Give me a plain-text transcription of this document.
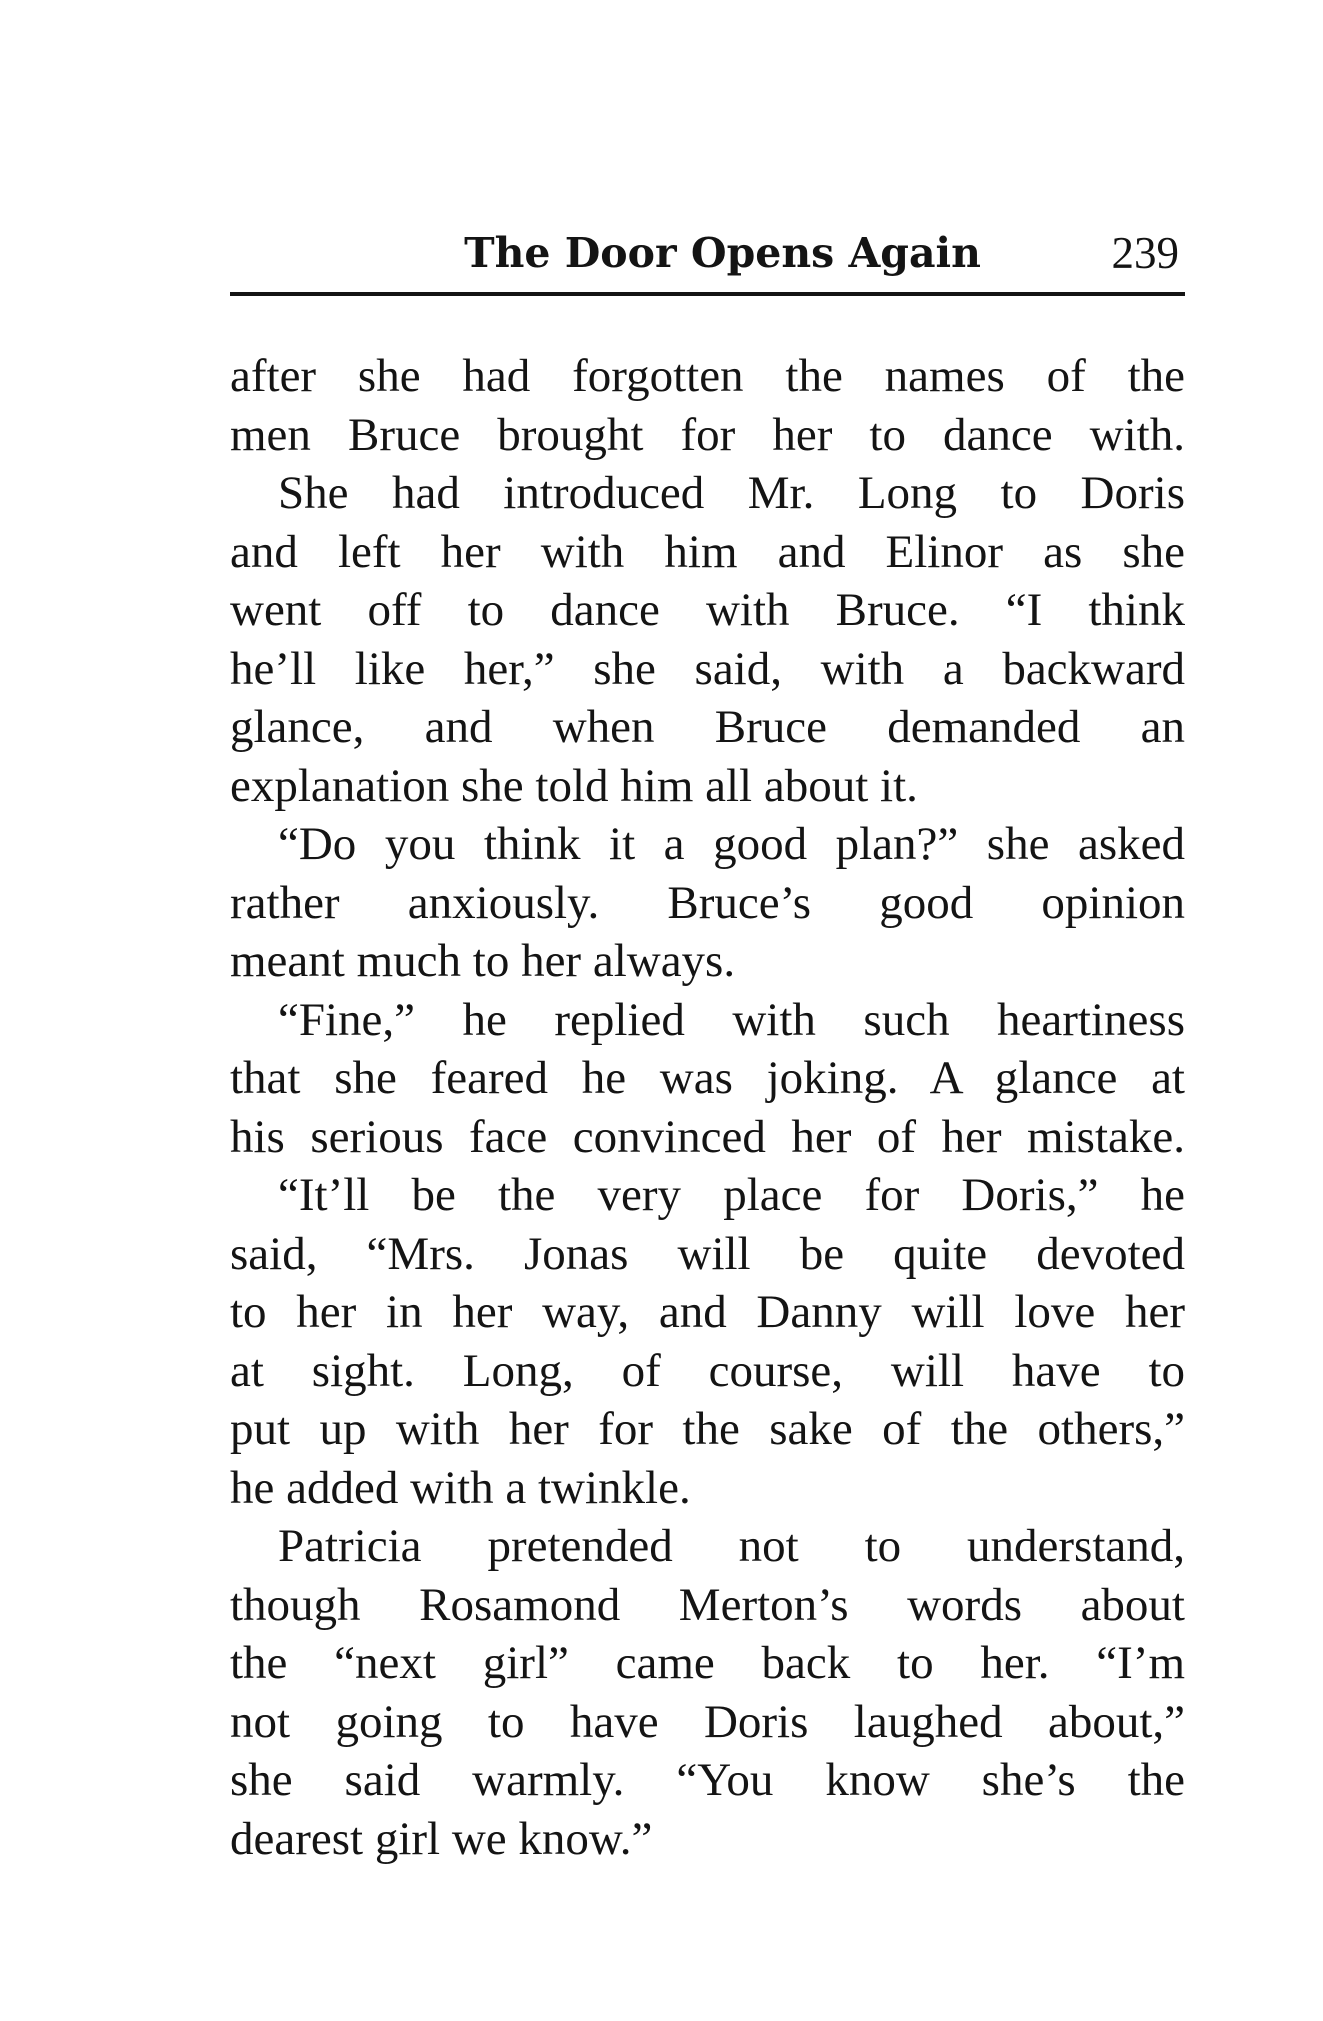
The Door Opens Again	239
after she had forgotten the names of the
men Bruce brought for her to dance with.
She had introduced Mr. Long to Doris
and left her with him and Elinor as she
went off to dance with Bruce. “I think
he’ll like her,” she said, with a backward
glance, and when Bruce demanded an
explanation she told him all about it.
“Do you think it a good plan?” she asked
rather anxiously. Bruce’s good opinion
meant much to her always.
“Fine,” he replied with such heartiness
that she feared he was joking. A glance at
his serious face convinced her of her mistake.
“It’ll be the very place for Doris,” he
said, “Mrs. Jonas will be quite devoted
to her in her way, and Danny will love her
at sight. Long, of course, will have to
put up with her for the sake of the others,”
he added with a twinkle.
Patricia pretended not to understand,
though Rosamond Merton’s words about
the “next girl” came back to her. “I’m
not going to have Doris laughed about,”
she said warmly. “You know she’s the
dearest girl we know.”
